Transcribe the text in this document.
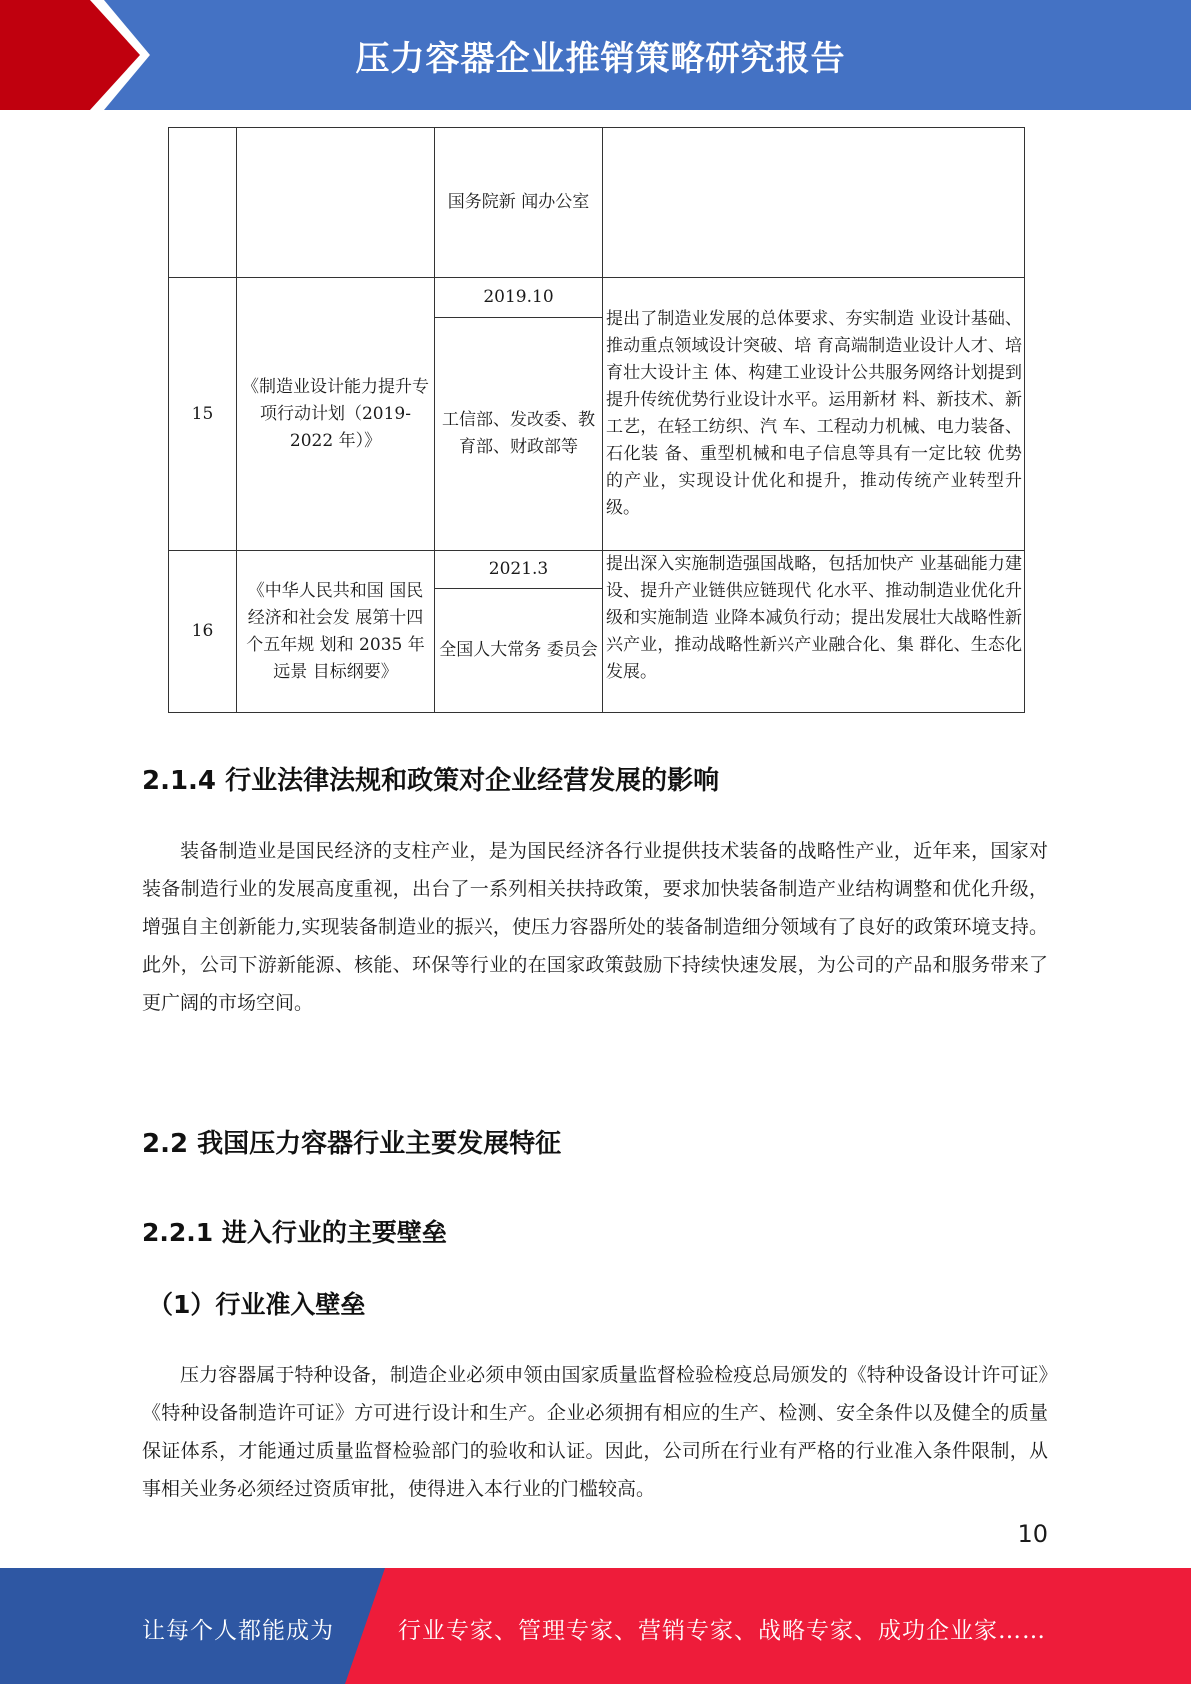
压力容器企业推销策略研究报告
		国务院新 闻办公室	
15	《制造业设计能力提升专项行动计划（2019-2022 年）》	2019.10	提出了制造业发展的总体要求、夯实制造 业设计基础、推动重点领域设计突破、培 育高端制造业设计人才、培育壮大设计主 体、构建工业设计公共服务网络计划提到 提升传统优势行业设计水平。运用新材 料、新技术、新工艺，在轻工纺织、汽 车、工程动力机械、电力装备、石化装 备、重型机械和电子信息等具有一定比较 优势的产业，实现设计优化和提升，推动传统产业转型升级。
		工信部、发改委、教育部、财政部等	
16	《中华人民共和国 国民经济和社会发 展第十四个五年规 划和 2035 年远景 目标纲要》	2021.3	提出深入实施制造强国战略，包括加快产 业基础能力建设、提升产业链供应链现代 化水平、推动制造业优化升级和实施制造 业降本减负行动；提出发展壮大战略性新 兴产业，推动战略性新兴产业融合化、集 群化、生态化发展。
		全国人大常务 委员会	
2.1.4 行业法律法规和政策对企业经营发展的影响
装备制造业是国民经济的支柱产业，是为国民经济各行业提供技术装备的战略性产业，近年来，国家对装备制造行业的发展高度重视，出台了一系列相关扶持政策，要求加快装备制造产业结构调整和优化升级，增强自主创新能力,实现装备制造业的振兴，使压力容器所处的装备制造细分领域有了良好的政策环境支持。此外，公司下游新能源、核能、环保等行业的在国家政策鼓励下持续快速发展，为公司的产品和服务带来了更广阔的市场空间。
2.2 我国压力容器行业主要发展特征
2.2.1 进入行业的主要壁垒
（1）行业准入壁垒
压力容器属于特种设备，制造企业必须申领由国家质量监督检验检疫总局颁发的《特种设备设计许可证》《特种设备制造许可证》方可进行设计和生产。企业必须拥有相应的生产、检测、安全条件以及健全的质量保证体系，才能通过质量监督检验部门的验收和认证。因此，公司所在行业有严格的行业准入条件限制，从事相关业务必须经过资质审批，使得进入本行业的门槛较高。
10
让每个人都能成为	行业专家、管理专家、营销专家、战略专家、成功企业家……
